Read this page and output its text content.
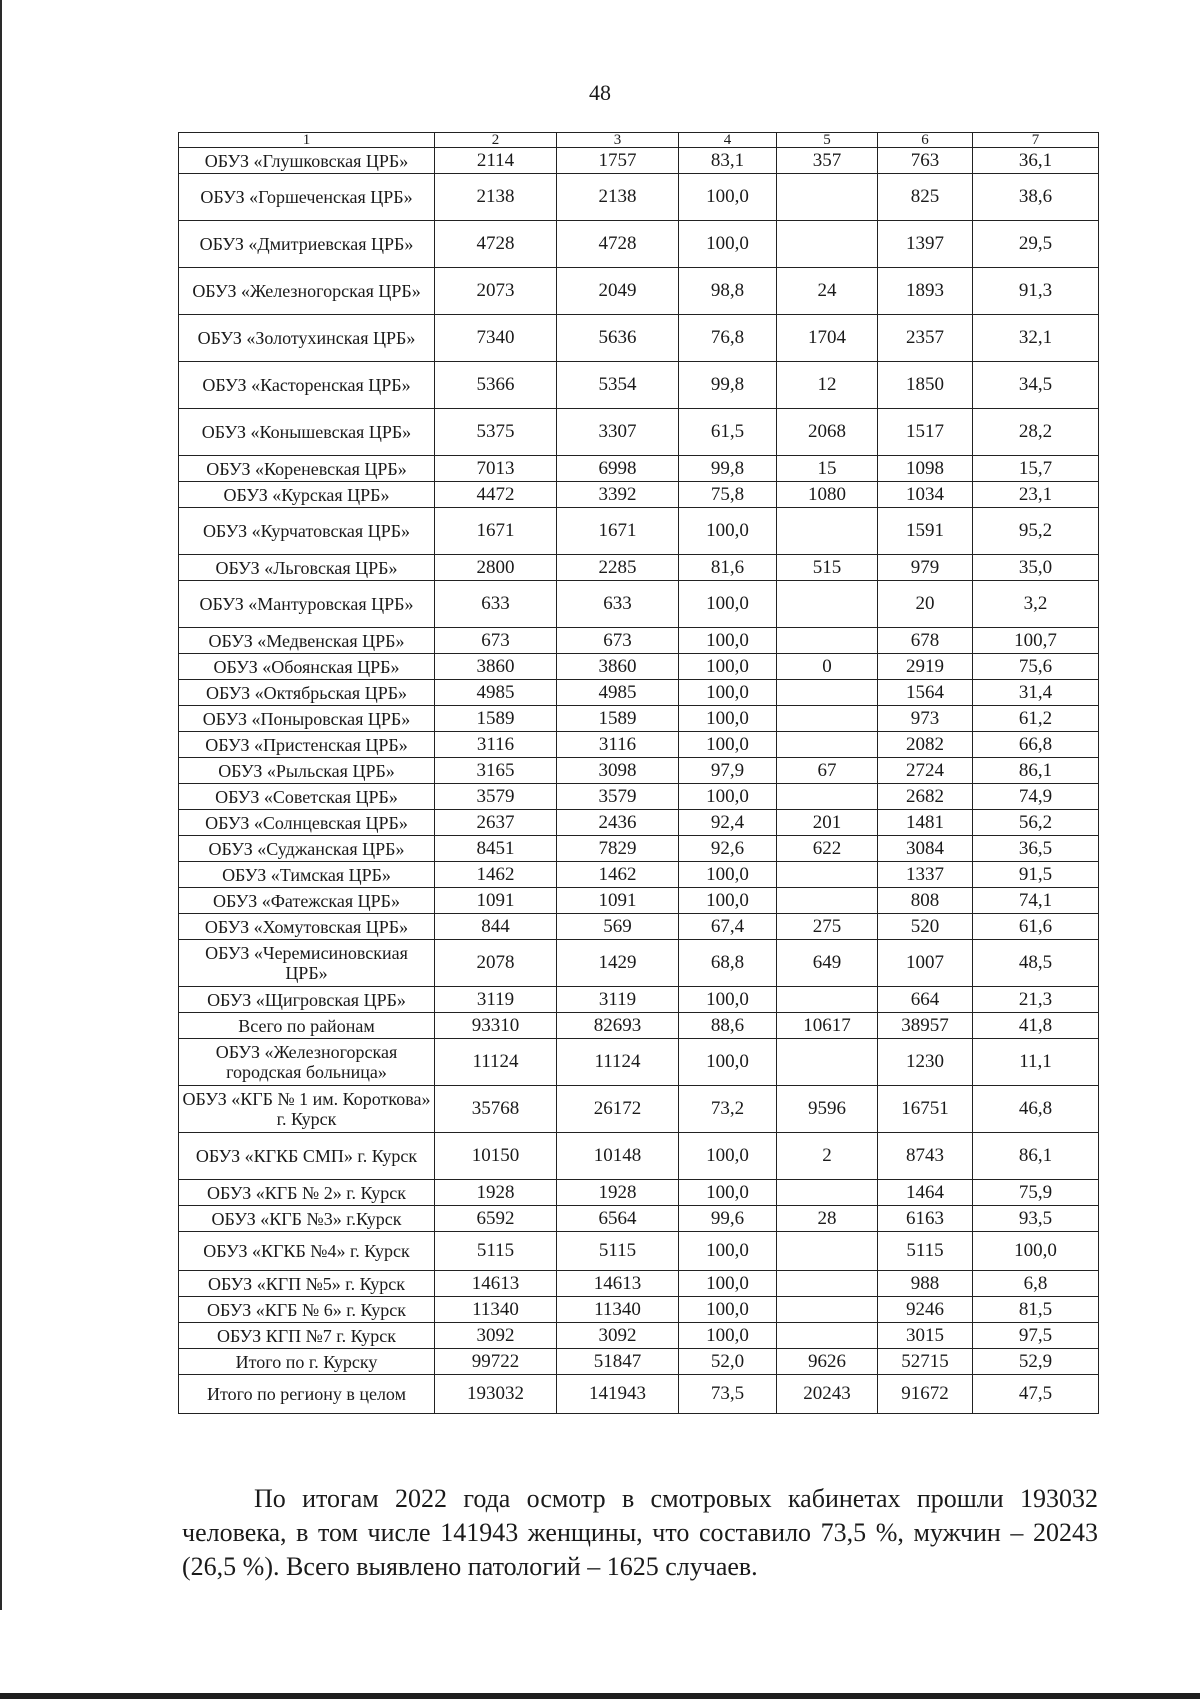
48
1	2	3	4	5	6	7
ОБУЗ «Глушковская ЦРБ»	2114	1757	83,1	357	763	36,1
ОБУЗ «Горшеченская ЦРБ»	2138	2138	100,0		825	38,6
ОБУЗ «Дмитриевская ЦРБ»	4728	4728	100,0		1397	29,5
ОБУЗ «Железногорская ЦРБ»	2073	2049	98,8	24	1893	91,3
ОБУЗ «Золотухинская ЦРБ»	7340	5636	76,8	1704	2357	32,1
ОБУЗ «Касторенская ЦРБ»	5366	5354	99,8	12	1850	34,5
ОБУЗ «Конышевская ЦРБ»	5375	3307	61,5	2068	1517	28,2
ОБУЗ «Кореневская ЦРБ»	7013	6998	99,8	15	1098	15,7
ОБУЗ «Курская ЦРБ»	4472	3392	75,8	1080	1034	23,1
ОБУЗ «Курчатовская ЦРБ»	1671	1671	100,0		1591	95,2
ОБУЗ «Льговская ЦРБ»	2800	2285	81,6	515	979	35,0
ОБУЗ «Мантуровская ЦРБ»	633	633	100,0		20	3,2
ОБУЗ «Медвенская ЦРБ»	673	673	100,0		678	100,7
ОБУЗ «Обоянская ЦРБ»	3860	3860	100,0	0	2919	75,6
ОБУЗ «Октябрьская ЦРБ»	4985	4985	100,0		1564	31,4
ОБУЗ «Поныровская ЦРБ»	1589	1589	100,0		973	61,2
ОБУЗ «Пристенская ЦРБ»	3116	3116	100,0		2082	66,8
ОБУЗ «Рыльская ЦРБ»	3165	3098	97,9	67	2724	86,1
ОБУЗ «Советская ЦРБ»	3579	3579	100,0		2682	74,9
ОБУЗ «Солнцевская ЦРБ»	2637	2436	92,4	201	1481	56,2
ОБУЗ «Суджанская ЦРБ»	8451	7829	92,6	622	3084	36,5
ОБУЗ «Тимская ЦРБ»	1462	1462	100,0		1337	91,5
ОБУЗ «Фатежская ЦРБ»	1091	1091	100,0		808	74,1
ОБУЗ «Хомутовская ЦРБ»	844	569	67,4	275	520	61,6
ОБУЗ «Черемисиновскиая ЦРБ»	2078	1429	68,8	649	1007	48,5
ОБУЗ «Щигровская ЦРБ»	3119	3119	100,0		664	21,3
Всего по районам	93310	82693	88,6	10617	38957	41,8
ОБУЗ «Железногорская городская больница»	11124	11124	100,0		1230	11,1
ОБУЗ «КГБ № 1 им. Короткова» г. Курск	35768	26172	73,2	9596	16751	46,8
ОБУЗ «КГКБ СМП» г. Курск	10150	10148	100,0	2	8743	86,1
ОБУЗ «КГБ № 2» г. Курск	1928	1928	100,0		1464	75,9
ОБУЗ «КГБ №3» г.Курск	6592	6564	99,6	28	6163	93,5
ОБУЗ «КГКБ №4» г. Курск	5115	5115	100,0		5115	100,0
ОБУЗ «КГП №5» г. Курск	14613	14613	100,0		988	6,8
ОБУЗ «КГБ № 6» г. Курск	11340	11340	100,0		9246	81,5
ОБУЗ КГП №7 г. Курск	3092	3092	100,0		3015	97,5
Итого по г. Курску	99722	51847	52,0	9626	52715	52,9
Итого по региону в целом	193032	141943	73,5	20243	91672	47,5

По итогам 2022 года осмотр в смотровых кабинетах прошли 193032 человека, в том числе 141943 женщины, что составило 73,5 %, мужчин – 20243 (26,5 %). Всего выявлено патологий – 1625 случаев.
